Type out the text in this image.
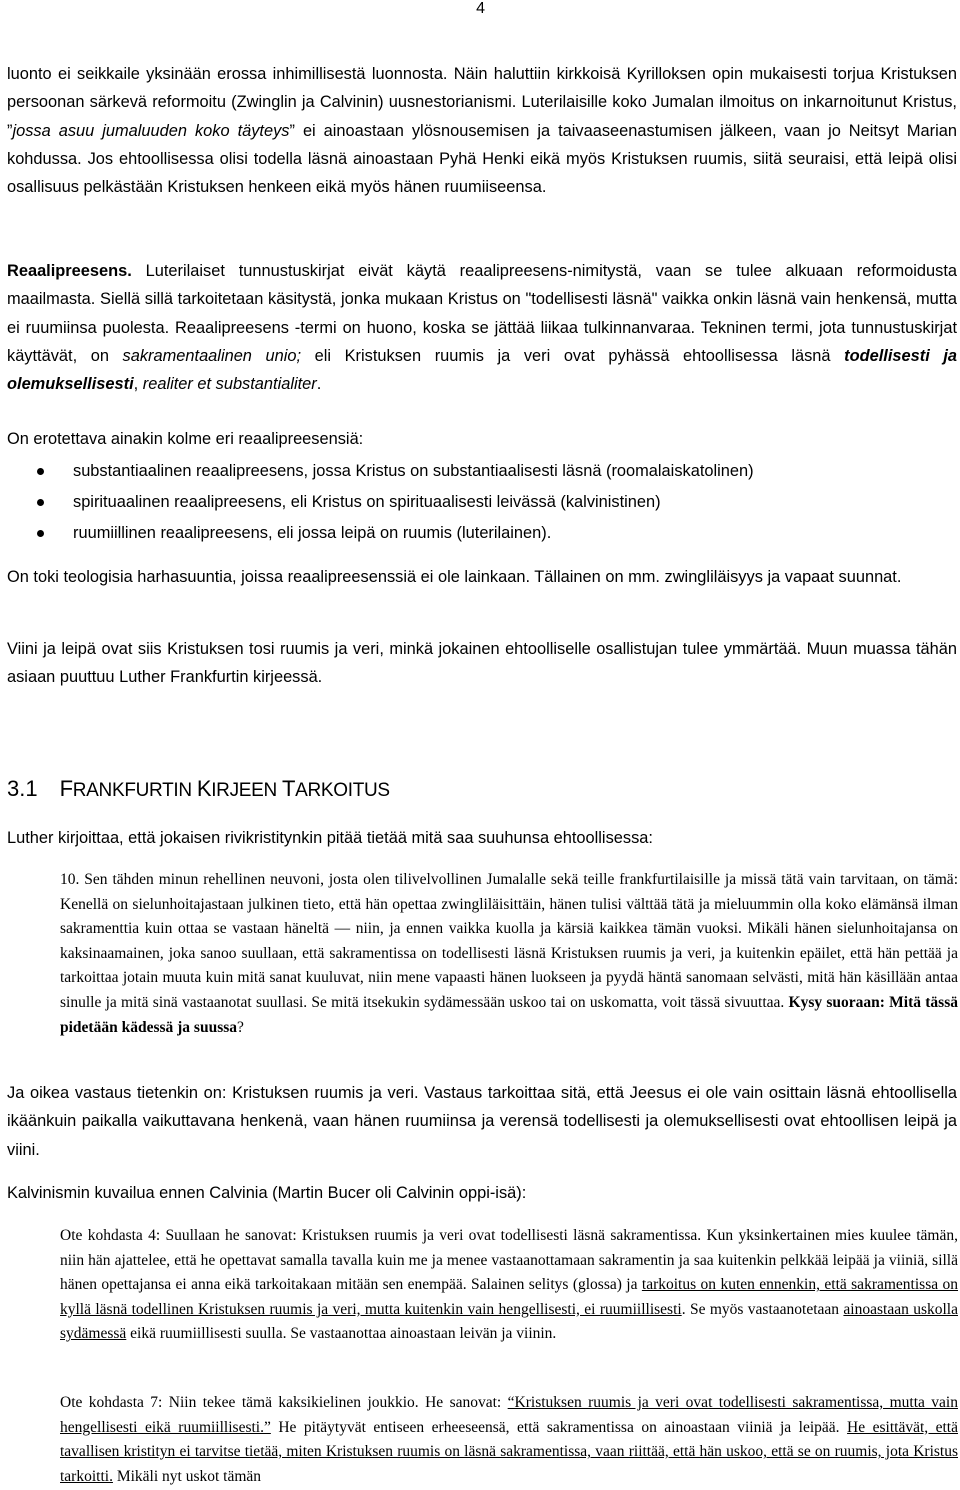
4

luonto ei seikkaile yksinään erossa inhimillisestä luonnosta. Näin haluttiin kirkkoisä Kyrilloksen opin mukaisesti torjua Kristuksen persoonan särkevä reformoitu (Zwinglin ja Calvinin) uusnestorianismi. Luterilaisille koko Jumalan ilmoitus on inkarnoitunut Kristus, ”jossa asuu jumaluuden koko täyteys” ei ainoastaan ylösnousemisen ja taivaaseenastumisen jälkeen, vaan jo Neitsyt Marian kohdussa. Jos ehtoollisessa olisi todella läsnä ainoastaan Pyhä Henki eikä myös Kristuksen ruumis, siitä seuraisi, että leipä olisi osallisuus pelkästään Kristuksen henkeen eikä myös hänen ruumiiseensa.

Reaalipreesens. Luterilaiset tunnustuskirjat eivät käytä reaalipreesens-nimitystä, vaan se tulee alkuaan reformoidusta maailmasta. Siellä sillä tarkoitetaan käsitystä, jonka mukaan Kristus on "todellisesti läsnä" vaikka onkin läsnä vain henkensä, mutta ei ruumiinsa puolesta. Reaalipreesens -termi on huono, koska se jättää liikaa tulkinnanvaraa. Tekninen termi, jota tunnustuskirjat käyttävät, on sakramentaalinen unio; eli Kristuksen ruumis ja veri ovat pyhässä ehtoollisessa läsnä todellisesti ja olemuksellisesti, realiter et substantialiter.

On erotettava ainakin kolme eri reaalipreesensiä:

substantiaalinen reaalipreesens, jossa Kristus on substantiaalisesti läsnä (roomalaiskatolinen)
spirituaalinen reaalipreesens, eli Kristus on spirituaalisesti leivässä (kalvinistinen)
ruumiillinen reaalipreesens, eli jossa leipä on ruumis (luterilainen).

On toki teologisia harhasuuntia, joissa reaalipreesenssiä ei ole lainkaan. Tällainen on mm. zwingliläisyys ja vapaat suunnat.

Viini ja leipä ovat siis Kristuksen tosi ruumis ja veri, minkä jokainen ehtoolliselle osallistujan tulee ymmärtää. Muun muassa tähän asiaan puuttuu Luther Frankfurtin kirjeessä.

3.1 FRANKFURTIN KIRJEEN TARKOITUS

Luther kirjoittaa, että jokaisen rivikristitynkin pitää tietää mitä saa suuhunsa ehtoollisessa:

10. Sen tähden minun rehellinen neuvoni, josta olen tilivelvollinen Jumalalle sekä teille frankfurtilaisille ja missä tätä vain tarvitaan, on tämä: Kenellä on sielunhoitajastaan julkinen tieto, että hän opettaa zwingliläisittäin, hänen tulisi välttää tätä ja mieluummin olla koko elämänsä ilman sakramenttia kuin ottaa se vastaan häneltä — niin, ja ennen vaikka kuolla ja kärsiä kaikkea tämän vuoksi. Mikäli hänen sielunhoitajansa on kaksinaamainen, joka sanoo suullaan, että sakramentissa on todellisesti läsnä Kristuksen ruumis ja veri, ja kuitenkin epäilet, että hän pettää ja tarkoittaa jotain muuta kuin mitä sanat kuuluvat, niin mene vapaasti hänen luokseen ja pyydä häntä sanomaan selvästi, mitä hän käsillään antaa sinulle ja mitä sinä vastaanotat suullasi. Se mitä itsekukin sydämessään uskoo tai on uskomatta, voit tässä sivuuttaa. Kysy suoraan: Mitä tässä pidetään kädessä ja suussa?

Ja oikea vastaus tietenkin on: Kristuksen ruumis ja veri. Vastaus tarkoittaa sitä, että Jeesus ei ole vain osittain läsnä ehtoollisella ikäänkuin paikalla vaikuttavana henkenä, vaan hänen ruumiinsa ja verensä todellisesti ja olemuksellisesti ovat ehtoollisen leipä ja viini.

Kalvinismin kuvailua ennen Calvinia (Martin Bucer oli Calvinin oppi-isä):

Ote kohdasta 4: Suullaan he sanovat: Kristuksen ruumis ja veri ovat todellisesti läsnä sakramentissa. Kun yksinkertainen mies kuulee tämän, niin hän ajattelee, että he opettavat samalla tavalla kuin me ja menee vastaanottamaan sakramentin ja saa kuitenkin pelkkää leipää ja viiniä, sillä hänen opettajansa ei anna eikä tarkoitakaan mitään sen enempää. Salainen selitys (glossa) ja tarkoitus on kuten ennenkin, että sakramentissa on kyllä läsnä todellinen Kristuksen ruumis ja veri, mutta kuitenkin vain hengellisesti, ei ruumiillisesti. Se myös vastaanotetaan ainoastaan uskolla sydämessä eikä ruumiillisesti suulla. Se vastaanottaa ainoastaan leivän ja viinin.

Ote kohdasta 7: Niin tekee tämä kaksikielinen joukkio. He sanovat: “Kristuksen ruumis ja veri ovat todellisesti sakramentissa, mutta vain hengellisesti eikä ruumiillisesti.” He pitäytyvät entiseen erheeseensä, että sakramentissa on ainoastaan viiniä ja leipää. He esittävät, että tavallisen kristityn ei tarvitse tietää, miten Kristuksen ruumis on läsnä sakramentissa, vaan riittää, että hän uskoo, että se on ruumis, jota Kristus tarkoitti. Mikäli nyt uskot tämän
